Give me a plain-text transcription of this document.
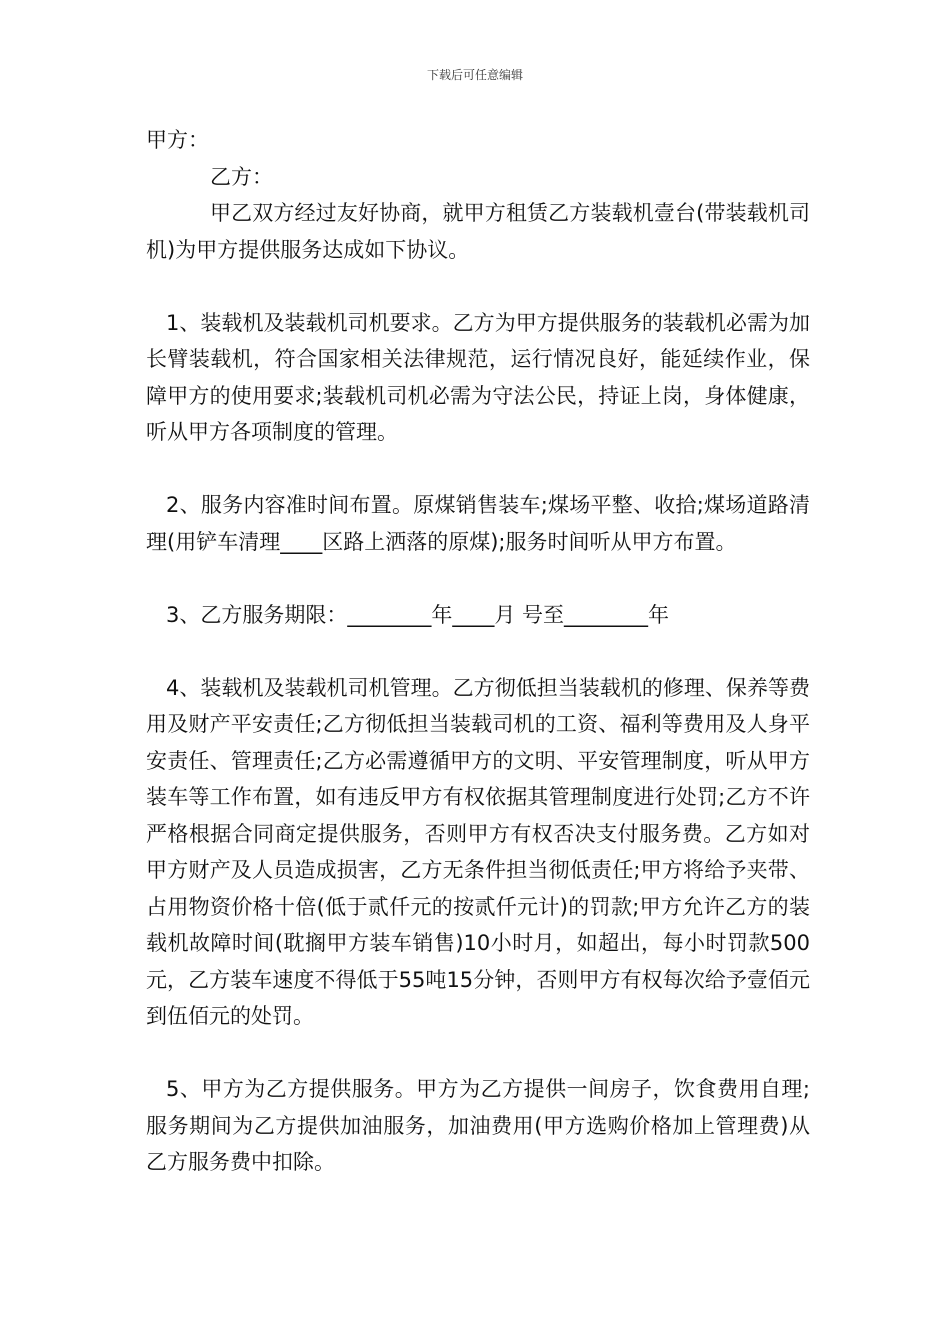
下载后可任意编辑

甲方：

乙方：

甲乙双方经过友好协商，就甲方租赁乙方装载机壹台(带装载机司机)为甲方提供服务达成如下协议。

1、装载机及装载机司机要求。乙方为甲方提供服务的装载机必需为加长臂装载机，符合国家相关法律规范，运行情况良好，能延续作业，保障甲方的使用要求;装载机司机必需为守法公民，持证上岗，身体健康，听从甲方各项制度的管理。

2、服务内容准时间布置。原煤销售装车;煤场平整、收拾;煤场道路清理(用铲车清理____区路上洒落的原煤);服务时间听从甲方布置。

3、乙方服务期限：________年____月 号至________年

4、装载机及装载机司机管理。乙方彻低担当装载机的修理、保养等费用及财产平安责任;乙方彻低担当装载司机的工资、福利等费用及人身平安责任、管理责任;乙方必需遵循甲方的文明、平安管理制度，听从甲方装车等工作布置，如有违反甲方有权依据其管理制度进行处罚;乙方不许严格根据合同商定提供服务，否则甲方有权否决支付服务费。乙方如对甲方财产及人员造成损害，乙方无条件担当彻低责任;甲方将给予夹带、占用物资价格十倍(低于贰仟元的按贰仟元计)的罚款;甲方允许乙方的装载机故障时间(耽搁甲方装车销售)10小时月，如超出，每小时罚款500元，乙方装车速度不得低于55吨15分钟，否则甲方有权每次给予壹佰元到伍佰元的处罚。

5、甲方为乙方提供服务。甲方为乙方提供一间房子，饮食费用自理;服务期间为乙方提供加油服务，加油费用(甲方选购价格加上管理费)从乙方服务费中扣除。
